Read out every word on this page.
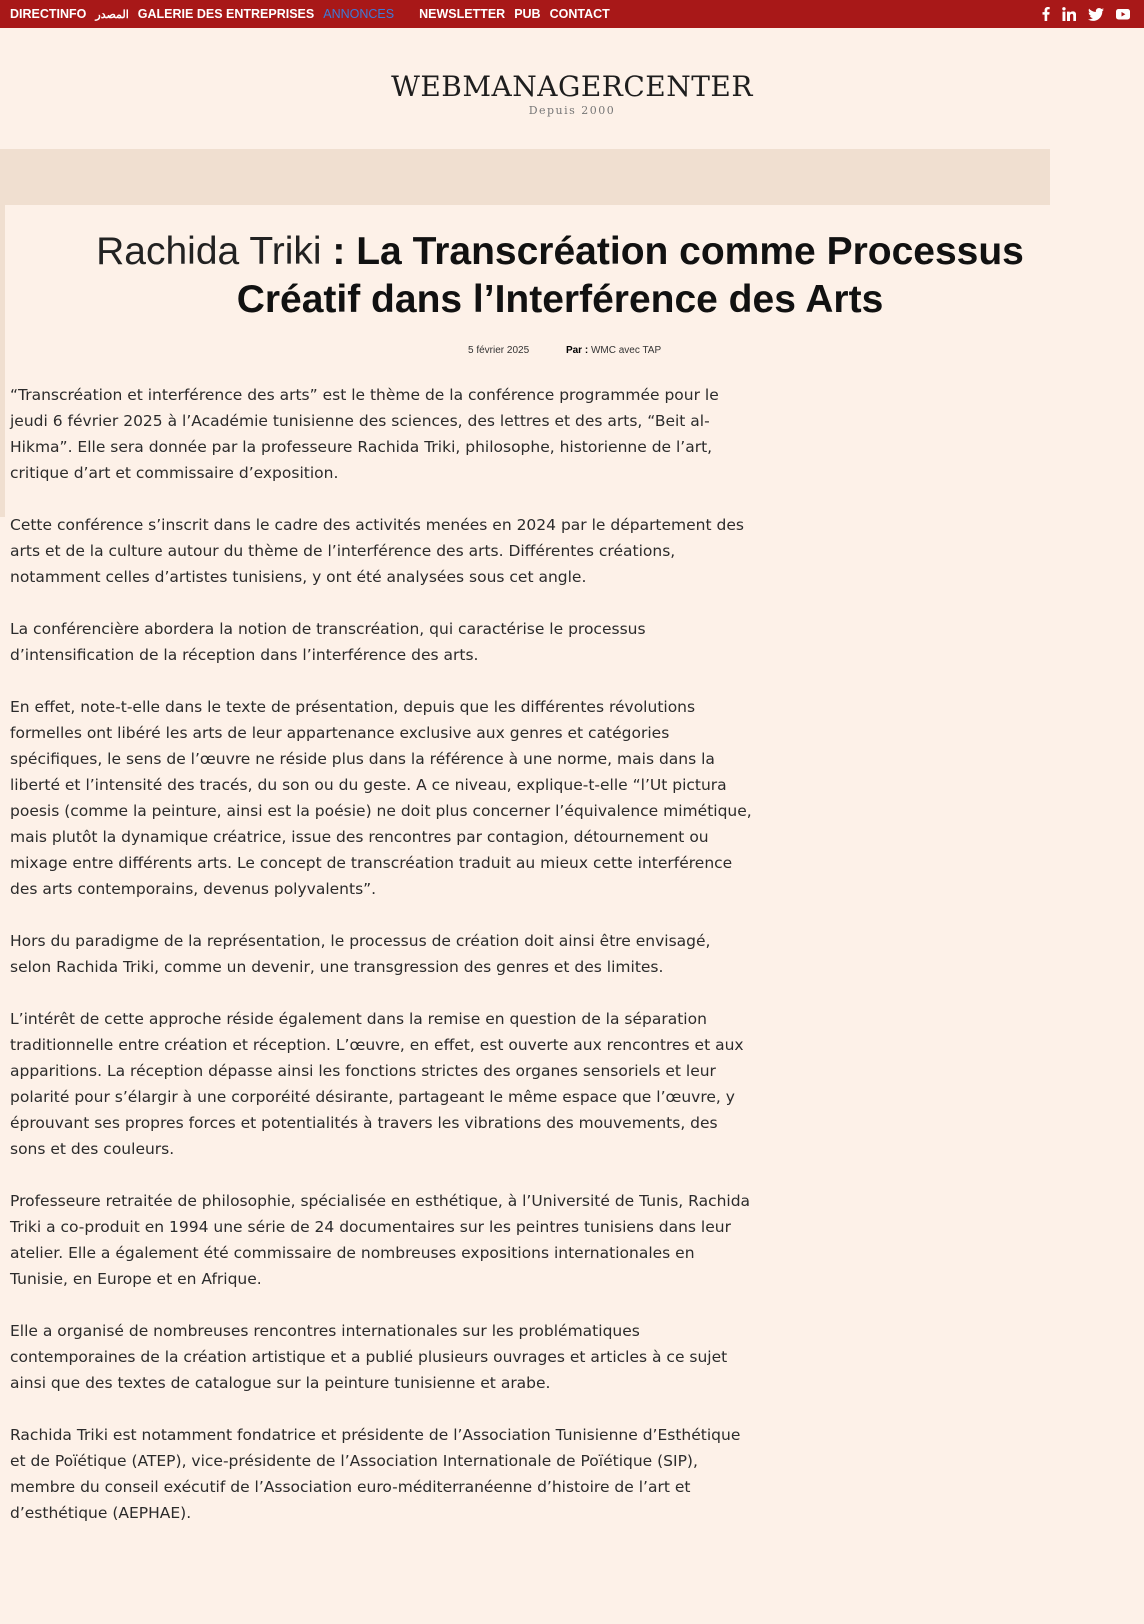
DIRECTINFO المصدر GALERIE DES ENTREPRISES ANNONCES NEWSLETTER PUB CONTACT
WEBMANAGERCENTER
Depuis 2000
Rachida Triki : La Transcréation comme Processus Créatif dans l’Interférence des Arts
5 février 2025	Par : WMC avec TAP

“Transcréation et interférence des arts” est le thème de la conférence programmée pour le jeudi 6 février 2025 à l’Académie tunisienne des sciences, des lettres et des arts, “Beit al-Hikma”. Elle sera donnée par la professeure Rachida Triki, philosophe, historienne de l’art, critique d’art et commissaire d’exposition.

Cette conférence s’inscrit dans le cadre des activités menées en 2024 par le département des arts et de la culture autour du thème de l’interférence des arts. Différentes créations, notamment celles d’artistes tunisiens, y ont été analysées sous cet angle.

La conférencière abordera la notion de transcréation, qui caractérise le processus d’intensification de la réception dans l’interférence des arts.

En effet, note-t-elle dans le texte de présentation, depuis que les différentes révolutions formelles ont libéré les arts de leur appartenance exclusive aux genres et catégories spécifiques, le sens de l’œuvre ne réside plus dans la référence à une norme, mais dans la liberté et l’intensité des tracés, du son ou du geste. A ce niveau, explique-t-elle “l’Ut pictura poesis (comme la peinture, ainsi est la poésie) ne doit plus concerner l’équivalence mimétique, mais plutôt la dynamique créatrice, issue des rencontres par contagion, détournement ou mixage entre différents arts. Le concept de transcréation traduit au mieux cette interférence des arts contemporains, devenus polyvalents”.

Hors du paradigme de la représentation, le processus de création doit ainsi être envisagé, selon Rachida Triki, comme un devenir, une transgression des genres et des limites.

L’intérêt de cette approche réside également dans la remise en question de la séparation traditionnelle entre création et réception. L’œuvre, en effet, est ouverte aux rencontres et aux apparitions. La réception dépasse ainsi les fonctions strictes des organes sensoriels et leur polarité pour s’élargir à une corporéité désirante, partageant le même espace que l’œuvre, y éprouvant ses propres forces et potentialités à travers les vibrations des mouvements, des sons et des couleurs.

Professeure retraitée de philosophie, spécialisée en esthétique, à l’Université de Tunis, Rachida Triki a co-produit en 1994 une série de 24 documentaires sur les peintres tunisiens dans leur atelier. Elle a également été commissaire de nombreuses expositions internationales en Tunisie, en Europe et en Afrique.

Elle a organisé de nombreuses rencontres internationales sur les problématiques contemporaines de la création artistique et a publié plusieurs ouvrages et articles à ce sujet ainsi que des textes de catalogue sur la peinture tunisienne et arabe.

Rachida Triki est notamment fondatrice et présidente de l’Association Tunisienne d’Esthétique et de Poïétique (ATEP), vice-présidente de l’Association Internationale de Poïétique (SIP), membre du conseil exécutif de l’Association euro-méditerranéenne d’histoire de l’art et d’esthétique (AEPHAE).
